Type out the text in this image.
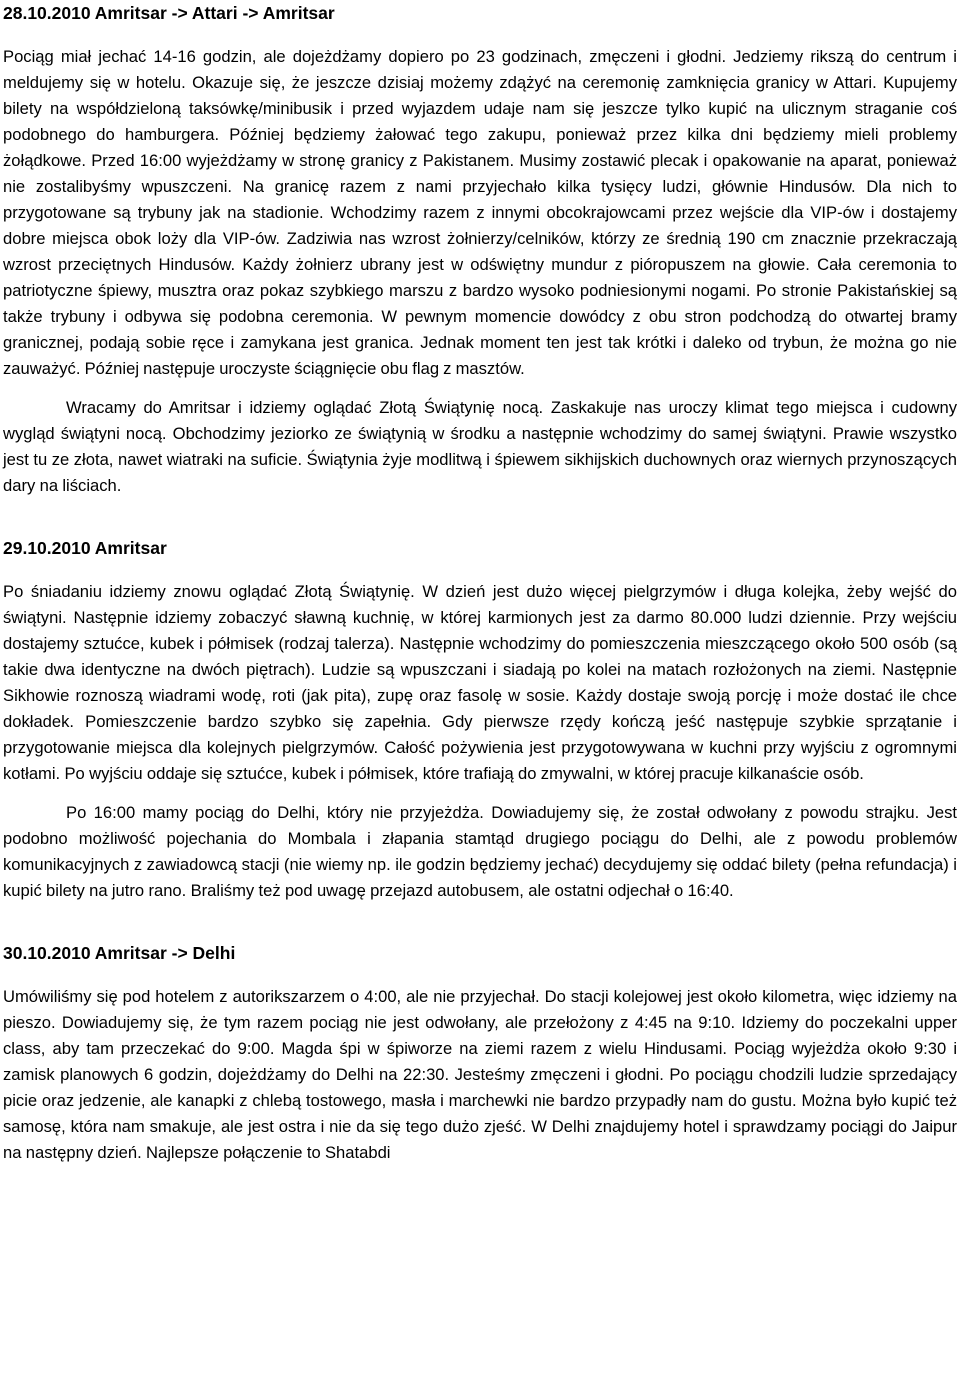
28.10.2010 Amritsar -> Attari -> Amritsar

Pociąg miał jechać 14-16 godzin, ale dojeżdżamy dopiero po 23 godzinach, zmęczeni i głodni. Jedziemy rikszą do centrum i meldujemy się w hotelu. Okazuje się, że jeszcze dzisiaj możemy zdążyć na ceremonię zamknięcia granicy w Attari. Kupujemy bilety na współdzieloną taksówkę/minibusik i przed wyjazdem udaje nam się jeszcze tylko kupić na ulicznym straganie coś podobnego do hamburgera. Później będziemy żałować tego zakupu, ponieważ przez kilka dni będziemy mieli problemy żołądkowe. Przed 16:00 wyjeżdżamy w stronę granicy z Pakistanem. Musimy zostawić plecak i opakowanie na aparat, ponieważ nie zostalibyśmy wpuszczeni. Na granicę razem z nami przyjechało kilka tysięcy ludzi, głównie Hindusów. Dla nich to przygotowane są trybuny jak na stadionie. Wchodzimy razem z innymi obcokrajowcami przez wejście dla VIP-ów i dostajemy dobre miejsca obok loży dla VIP-ów. Zadziwia nas wzrost żołnierzy/celników, którzy ze średnią 190 cm znacznie przekraczają wzrost przeciętnych Hindusów. Każdy żołnierz ubrany jest w odświętny mundur z pióropuszem na głowie. Cała ceremonia to patriotyczne śpiewy, musztra oraz pokaz szybkiego marszu z bardzo wysoko podniesionymi nogami. Po stronie Pakistańskiej są także trybuny i odbywa się podobna ceremonia. W pewnym momencie dowódcy z obu stron podchodzą do otwartej bramy granicznej, podają sobie ręce i zamykana jest granica. Jednak moment ten jest tak krótki i daleko od trybun, że można go nie zauważyć. Później następuje uroczyste ściągnięcie obu flag z masztów.

Wracamy do Amritsar i idziemy oglądać Złotą Świątynię nocą. Zaskakuje nas uroczy klimat tego miejsca i cudowny wygląd świątyni nocą. Obchodzimy jeziorko ze świątynią w środku a następnie wchodzimy do samej świątyni. Prawie wszystko jest tu ze złota, nawet wiatraki na suficie. Świątynia żyje modlitwą i śpiewem sikhijskich duchownych oraz wiernych przynoszących dary na liściach.

29.10.2010 Amritsar

Po śniadaniu idziemy znowu oglądać Złotą Świątynię. W dzień jest dużo więcej pielgrzymów i długa kolejka, żeby wejść do świątyni. Następnie idziemy zobaczyć sławną kuchnię, w której karmionych jest za darmo 80.000 ludzi dziennie. Przy wejściu dostajemy sztućce, kubek i półmisek (rodzaj talerza). Następnie wchodzimy do pomieszczenia mieszczącego około 500 osób (są takie dwa identyczne na dwóch piętrach). Ludzie są wpuszczani i siadają po kolei na matach rozłożonych na ziemi. Następnie Sikhowie roznoszą wiadrami wodę, roti (jak pita), zupę oraz fasolę w sosie. Każdy dostaje swoją porcję i może dostać ile chce dokładek. Pomieszczenie bardzo szybko się zapełnia. Gdy pierwsze rzędy kończą jeść następuje szybkie sprzątanie i przygotowanie miejsca dla kolejnych pielgrzymów. Całość pożywienia jest przygotowywana w kuchni przy wyjściu z ogromnymi kotłami. Po wyjściu oddaje się sztućce, kubek i półmisek, które trafiają do zmywalni, w której pracuje kilkanaście osób.

Po 16:00 mamy pociąg do Delhi, który nie przyjeżdża. Dowiadujemy się, że został odwołany z powodu strajku. Jest podobno możliwość pojechania do Mombala i złapania stamtąd drugiego pociągu do Delhi, ale z powodu problemów komunikacyjnych z zawiadowcą stacji (nie wiemy np. ile godzin będziemy jechać) decydujemy się oddać bilety (pełna refundacja) i kupić bilety na jutro rano. Braliśmy też pod uwagę przejazd autobusem, ale ostatni odjechał o 16:40.

30.10.2010 Amritsar -> Delhi

Umówiliśmy się pod hotelem z autorikszarzem o 4:00, ale nie przyjechał. Do stacji kolejowej jest około kilometra, więc idziemy na pieszo. Dowiadujemy się, że tym razem pociąg nie jest odwołany, ale przełożony z 4:45 na 9:10. Idziemy do poczekalni upper class, aby tam przeczekać do 9:00. Magda śpi w śpiworze na ziemi razem z wielu Hindusami. Pociąg wyjeżdża około 9:30 i zamisk planowych 6 godzin, dojeżdżamy do Delhi na 22:30. Jesteśmy zmęczeni i głodni. Po pociągu chodzili ludzie sprzedający picie oraz jedzenie, ale kanapki z chlebą tostowego, masła i marchewki nie bardzo przypadły nam do gustu. Można było kupić też samosę, która nam smakuje, ale jest ostra i nie da się tego dużo zjeść. W Delhi znajdujemy hotel i sprawdzamy pociągi do Jaipur na następny dzień. Najlepsze połączenie to Shatabdi
